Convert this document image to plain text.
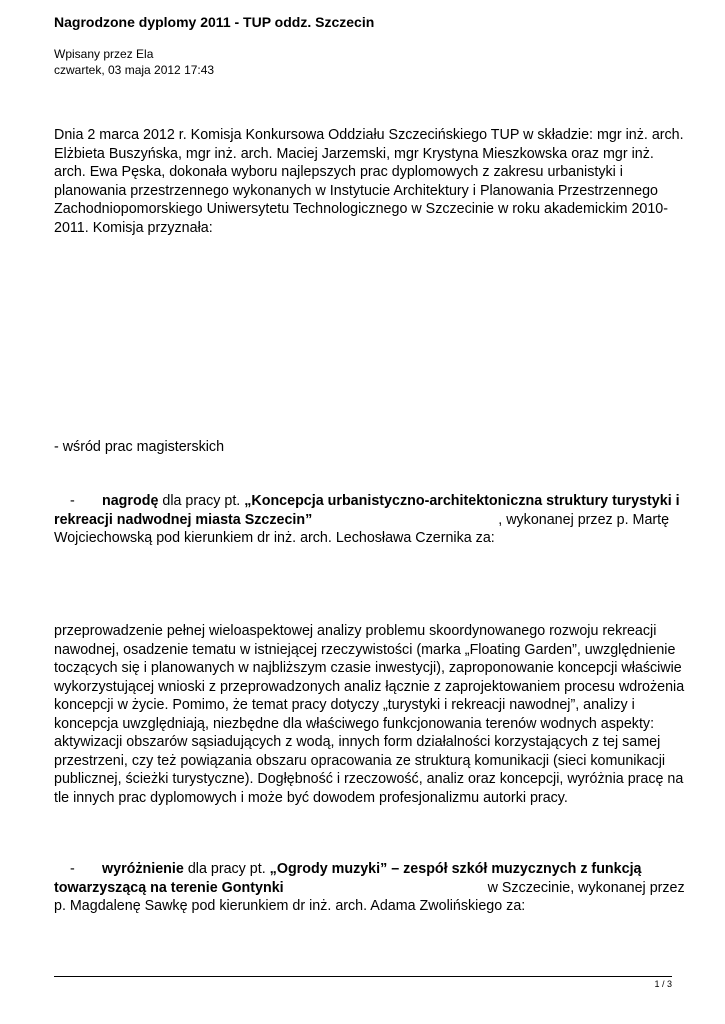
Nagrodzone dyplomy 2011 - TUP oddz. Szczecin
Wpisany przez Ela
czwartek, 03 maja 2012 17:43

Dnia 2 marca 2012 r. Komisja Konkursowa Oddziału Szczecińskiego TUP w składzie: mgr inż. arch. Elżbieta Buszyńska, mgr inż. arch. Maciej Jarzemski, mgr Krystyna Mieszkowska oraz mgr inż. arch. Ewa Pęska, dokonała wyboru najlepszych prac dyplomowych z zakresu urbanistyki i planowania przestrzennego wykonanych w Instytucie Architektury i Planowania Przestrzennego Zachodniopomorskiego Uniwersytetu Technologicznego w Szczecinie w roku akademickim 2010-2011. Komisja przyznała:

- wśród prac magisterskich

- nagrodę dla pracy pt. „Koncepcja urbanistyczno-architektoniczna struktury turystyki i rekreacji nadwodnej miasta Szczecin”	, wykonanej przez p. Martę Wojciechowską pod kierunkiem dr inż. arch. Lechosława Czernika za:

przeprowadzenie pełnej wieloaspektowej analizy problemu skoordynowanego rozwoju rekreacji nawodnej, osadzenie tematu w istniejącej rzeczywistości (marka „Floating Garden”, uwzględnienie toczących się i planowanych w najbliższym czasie inwestycji), zaproponowanie koncepcji właściwie wykorzystującej wnioski z przeprowadzonych analiz łącznie z zaprojektowaniem procesu wdrożenia koncepcji w życie. Pomimo, że temat pracy dotyczy „turystyki i rekreacji nawodnej”, analizy i koncepcja uwzględniają, niezbędne dla właściwego funkcjonowania terenów wodnych aspekty: aktywizacji obszarów sąsiadujących z wodą, innych form działalności korzystających z tej samej przestrzeni, czy też powiązania obszaru opracowania ze strukturą komunikacji (sieci komunikacji publicznej, ścieżki turystyczne). Dogłębność i rzeczowość, analiz oraz koncepcji, wyróżnia pracę na tle innych prac dyplomowych i może być dowodem profesjonalizmu autorki pracy.

- wyróżnienie dla pracy pt. „Ogrody muzyki” – zespół szkół muzycznych z funkcją towarzyszącą na terenie Gontynki	w Szczecinie, wykonanej przez p. Magdalenę Sawkę pod kierunkiem dr inż. arch. Adama Zwolińskiego za:

1 / 3
